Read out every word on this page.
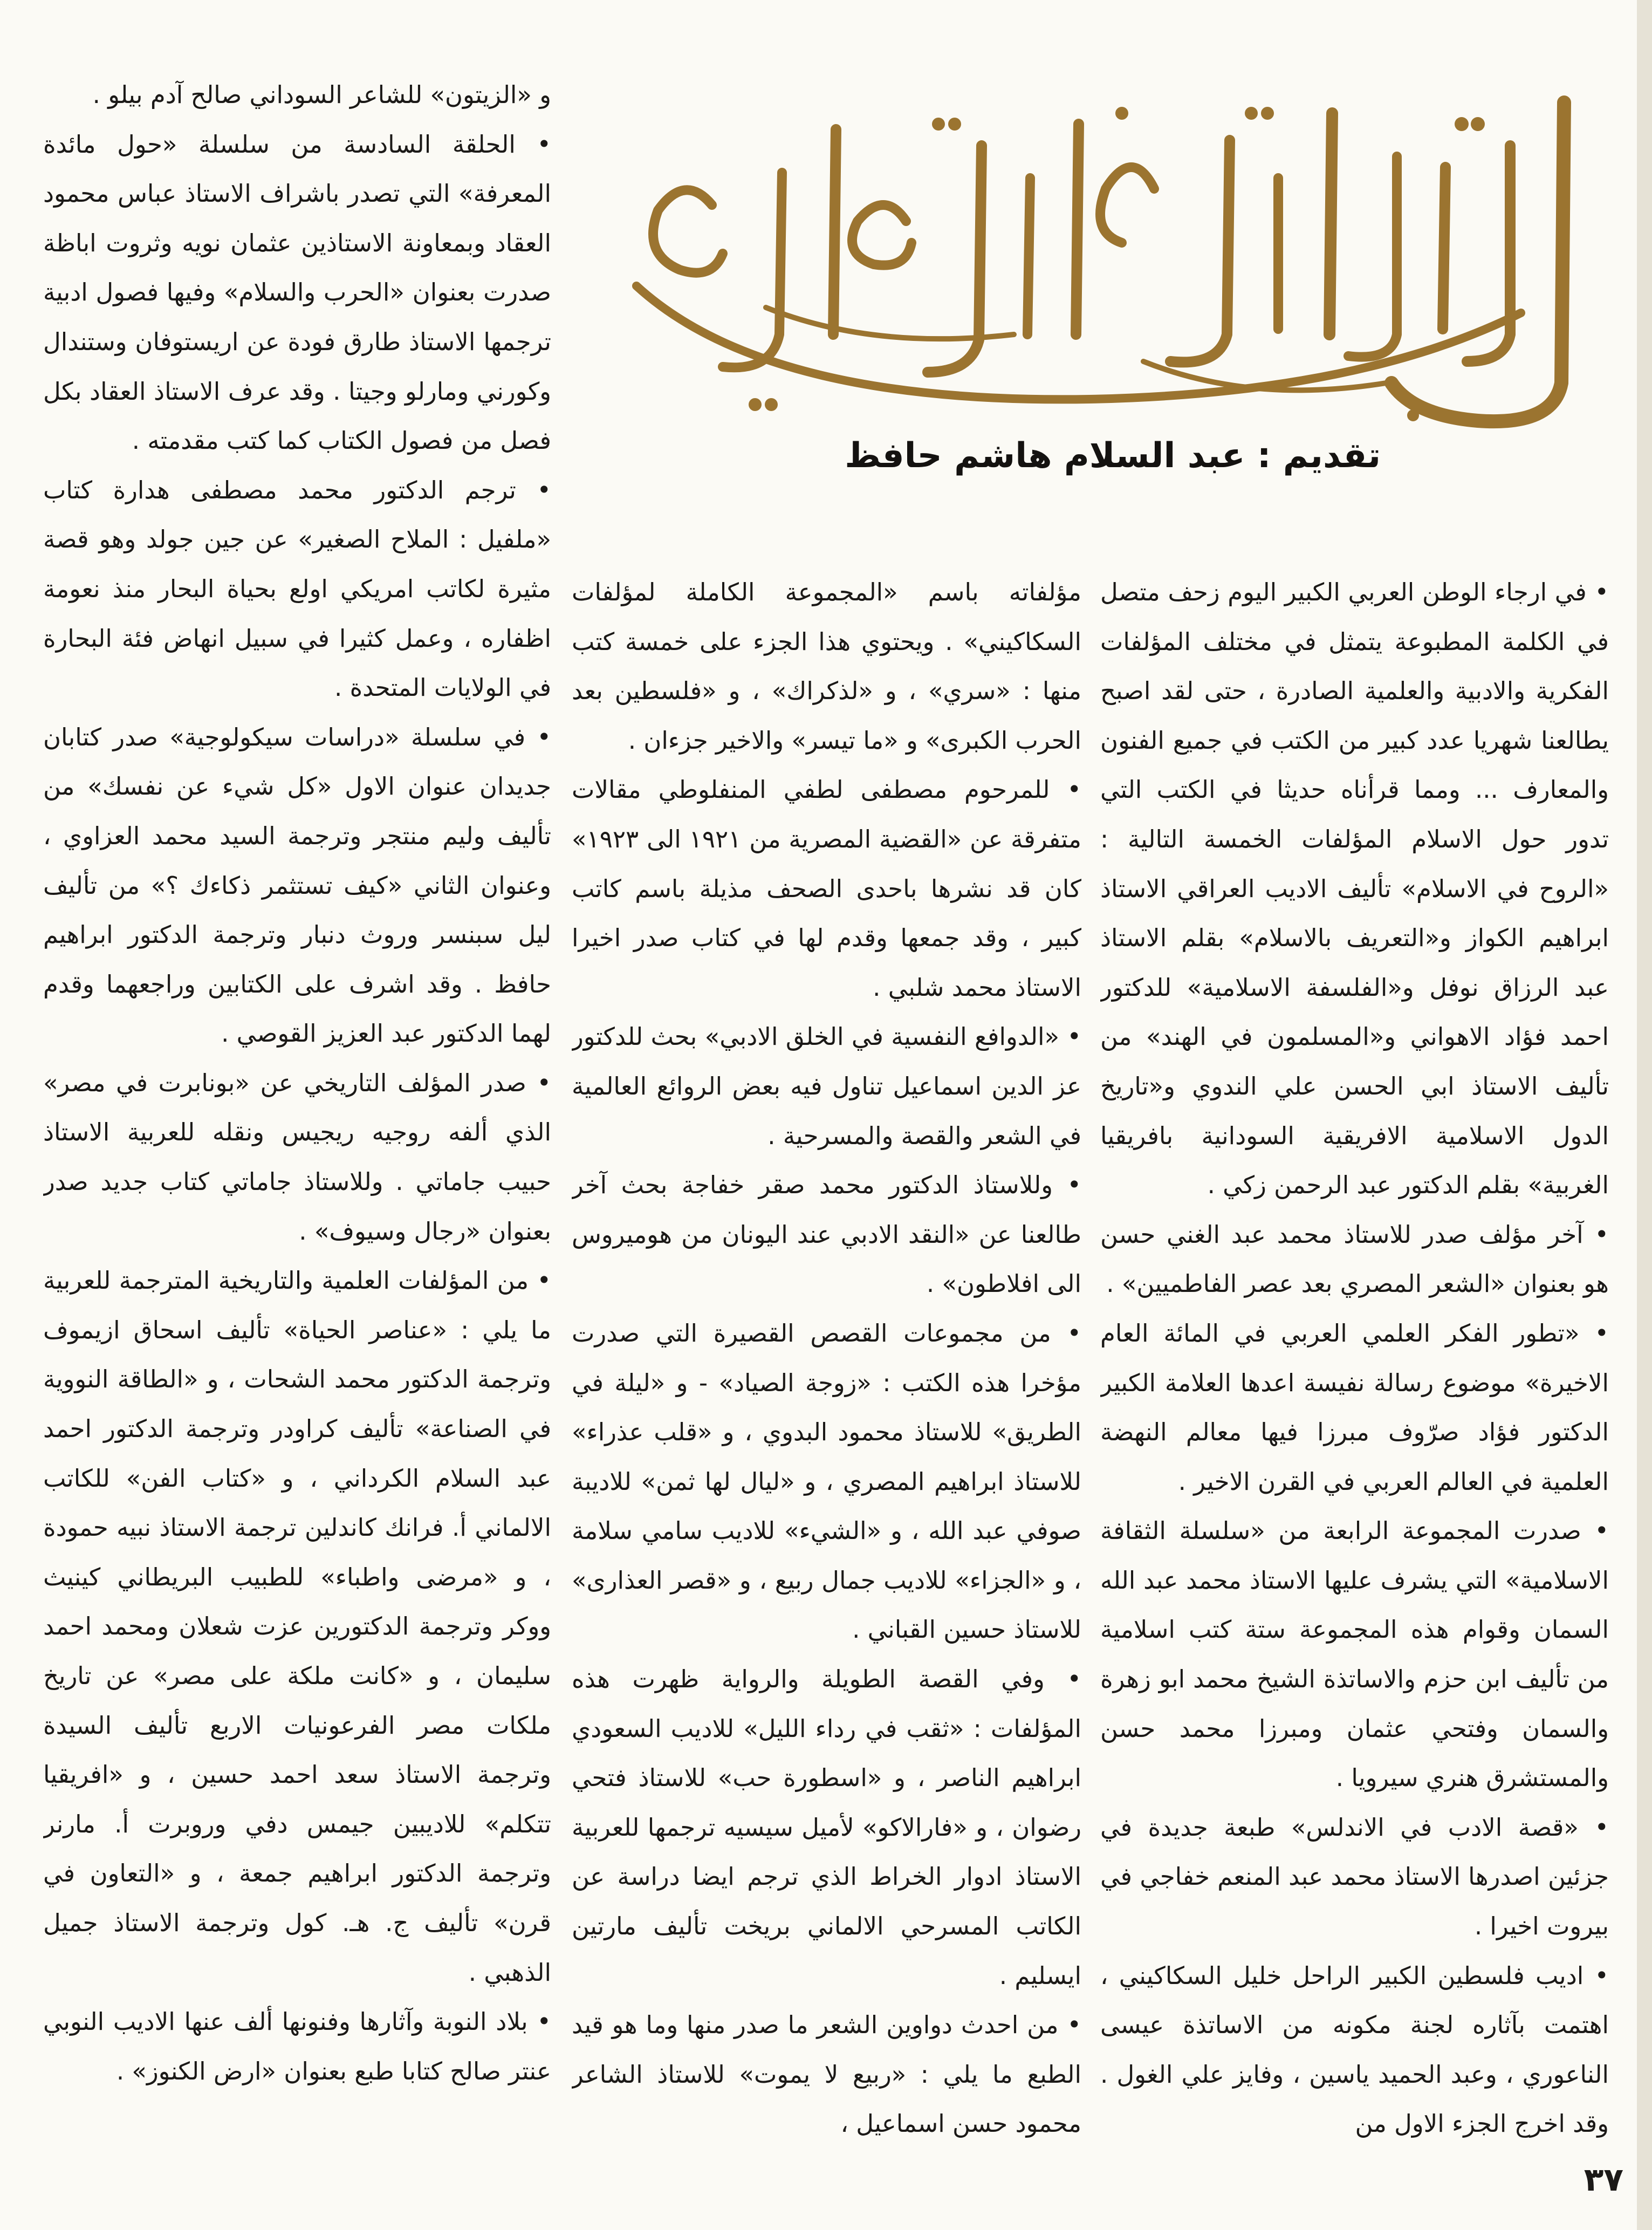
تقديم : عبد السلام هاشم حافظ

• في ارجاء الوطن العربي الكبير اليوم زحف متصل في الكلمة المطبوعة يتمثل في مختلف المؤلفات الفكرية والادبية والعلمية الصادرة ، حتى لقد اصبح يطالعنا شهريا عدد كبير من الكتب في جميع الفنون والمعارف ... ومما قرأناه حديثا في الكتب التي تدور حول الاسلام المؤلفات الخمسة التالية : «الروح في الاسلام» تأليف الاديب العراقي الاستاذ ابراهيم الكواز و«التعريف بالاسلام» بقلم الاستاذ عبد الرزاق نوفل و«الفلسفة الاسلامية» للدكتور احمد فؤاد الاهواني و«المسلمون في الهند» من تأليف الاستاذ ابي الحسن علي الندوي و«تاريخ الدول الاسلامية الافريقية السودانية بافريقيا الغربية» بقلم الدكتور عبد الرحمن زكي .

• آخر مؤلف صدر للاستاذ محمد عبد الغني حسن هو بعنوان «الشعر المصري بعد عصر الفاطميين» .

• «تطور الفكر العلمي العربي في المائة العام الاخيرة» موضوع رسالة نفيسة اعدها العلامة الكبير الدكتور فؤاد صرّوف مبرزا فيها معالم النهضة العلمية في العالم العربي في القرن الاخير .

• صدرت المجموعة الرابعة من «سلسلة الثقافة الاسلامية» التي يشرف عليها الاستاذ محمد عبد الله السمان وقوام هذه المجموعة ستة كتب اسلامية من تأليف ابن حزم والاساتذة الشيخ محمد ابو زهرة والسمان وفتحي عثمان ومبرزا محمد حسن والمستشرق هنري سيرويا .

• «قصة الادب في الاندلس» طبعة جديدة في جزئين اصدرها الاستاذ محمد عبد المنعم خفاجي في بيروت اخيرا .

• اديب فلسطين الكبير الراحل خليل السكاكيني ، اهتمت بآثاره لجنة مكونه من الاساتذة عيسى الناعوري ، وعبد الحميد ياسين ، وفايز علي الغول . وقد اخرج الجزء الاول من

مؤلفاته باسم «المجموعة الكاملة لمؤلفات السكاكيني» . ويحتوي هذا الجزء على خمسة كتب منها : «سري» ، و «لذكراك» ، و «فلسطين بعد الحرب الكبرى» و «ما تيسر» والاخير جزءان .

• للمرحوم مصطفى لطفي المنفلوطي مقالات متفرقة عن «القضية المصرية من ١٩٢١ الى ١٩٢٣» كان قد نشرها باحدى الصحف مذيلة باسم كاتب كبير ، وقد جمعها وقدم لها في كتاب صدر اخيرا الاستاذ محمد شلبي .

• «الدوافع النفسية في الخلق الادبي» بحث للدكتور عز الدين اسماعيل تناول فيه بعض الروائع العالمية في الشعر والقصة والمسرحية .

• وللاستاذ الدكتور محمد صقر خفاجة بحث آخر طالعنا عن «النقد الادبي عند اليونان من هوميروس الى افلاطون» .

• من مجموعات القصص القصيرة التي صدرت مؤخرا هذه الكتب : «زوجة الصياد» - و «ليلة في الطريق» للاستاذ محمود البدوي ، و «قلب عذراء» للاستاذ ابراهيم المصري ، و «ليال لها ثمن» للاديبة صوفي عبد الله ، و «الشيء» للاديب سامي سلامة ، و «الجزاء» للاديب جمال ربيع ، و «قصر العذارى» للاستاذ حسين القباني .

• وفي القصة الطويلة والرواية ظهرت هذه المؤلفات : «ثقب في رداء الليل» للاديب السعودي ابراهيم الناصر ، و «اسطورة حب» للاستاذ فتحي رضوان ، و «فارالاكو» لأميل سيسيه ترجمها للعربية الاستاذ ادوار الخراط الذي ترجم ايضا دراسة عن الكاتب المسرحي الالماني بريخت تأليف مارتين ايسليم .

• من احدث دواوين الشعر ما صدر منها وما هو قيد الطبع ما يلي : «ربيع لا يموت» للاستاذ الشاعر محمود حسن اسماعيل ،

و «الزيتون» للشاعر السوداني صالح آدم بيلو .

• الحلقة السادسة من سلسلة «حول مائدة المعرفة» التي تصدر باشراف الاستاذ عباس محمود العقاد وبمعاونة الاستاذين عثمان نويه وثروت اباظة صدرت بعنوان «الحرب والسلام» وفيها فصول ادبية ترجمها الاستاذ طارق فودة عن اريستوفان وستندال وكورني ومارلو وجيتا . وقد عرف الاستاذ العقاد بكل فصل من فصول الكتاب كما كتب مقدمته .

• ترجم الدكتور محمد مصطفى هدارة كتاب «ملفيل : الملاح الصغير» عن جين جولد وهو قصة مثيرة لكاتب امريكي اولع بحياة البحار منذ نعومة اظفاره ، وعمل كثيرا في سبيل انهاض فئة البحارة في الولايات المتحدة .

• في سلسلة «دراسات سيكولوجية» صدر كتابان جديدان عنوان الاول «كل شيء عن نفسك» من تأليف وليم منتجر وترجمة السيد محمد العزاوي ، وعنوان الثاني «كيف تستثمر ذكاءك ؟» من تأليف ليل سبنسر وروث دنبار وترجمة الدكتور ابراهيم حافظ . وقد اشرف على الكتابين وراجعهما وقدم لهما الدكتور عبد العزيز القوصي .

• صدر المؤلف التاريخي عن «بونابرت في مصر» الذي ألفه روجيه ريجيس ونقله للعربية الاستاذ حبيب جاماتي . وللاستاذ جاماتي كتاب جديد صدر بعنوان «رجال وسيوف» .

• من المؤلفات العلمية والتاريخية المترجمة للعربية ما يلي : «عناصر الحياة» تأليف اسحاق ازيموف وترجمة الدكتور محمد الشحات ، و «الطاقة النووية في الصناعة» تأليف كراودر وترجمة الدكتور احمد عبد السلام الكرداني ، و «كتاب الفن» للكاتب الالماني أ. فرانك كاندلين ترجمة الاستاذ نبيه حمودة ، و «مرضى واطباء» للطبيب البريطاني كينيث ووكر وترجمة الدكتورين عزت شعلان ومحمد احمد سليمان ، و «كانت ملكة على مصر» عن تاريخ ملكات مصر الفرعونيات الاربع تأليف السيدة وترجمة الاستاذ سعد احمد حسين ، و «افريقيا تتكلم» للاديبين جيمس دفي وروبرت أ. مارنر وترجمة الدكتور ابراهيم جمعة ، و «التعاون في قرن» تأليف ج. هـ. كول وترجمة الاستاذ جميل الذهبي .

• بلاد النوبة وآثارها وفنونها ألف عنها الاديب النوبي عنتر صالح كتابا طبع بعنوان «ارض الكنوز» .

٣٧
